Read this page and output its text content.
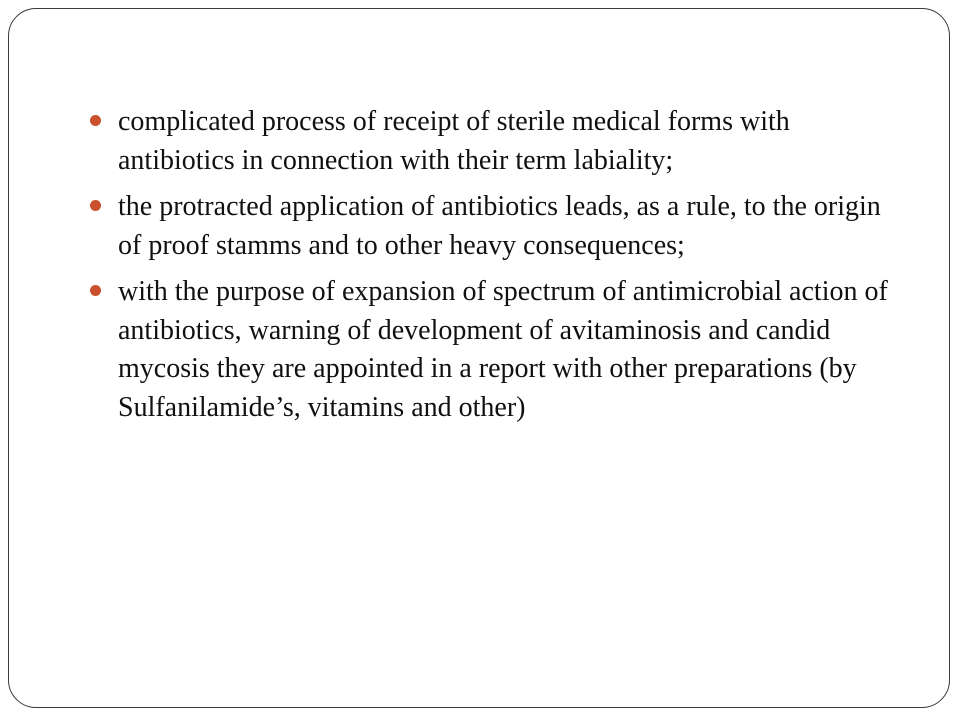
complicated process of receipt of sterile medical forms with antibiotics in connection with their term labiality;
the protracted application of antibiotics leads, as a rule, to the origin of proof stamms and to other heavy consequences;
with the purpose of expansion of spectrum of antimicrobial action of antibiotics, warning of development of avitaminosis and candid mycosis they are appointed in a report with other preparations (by Sulfanilamide’s, vitamins and other)
